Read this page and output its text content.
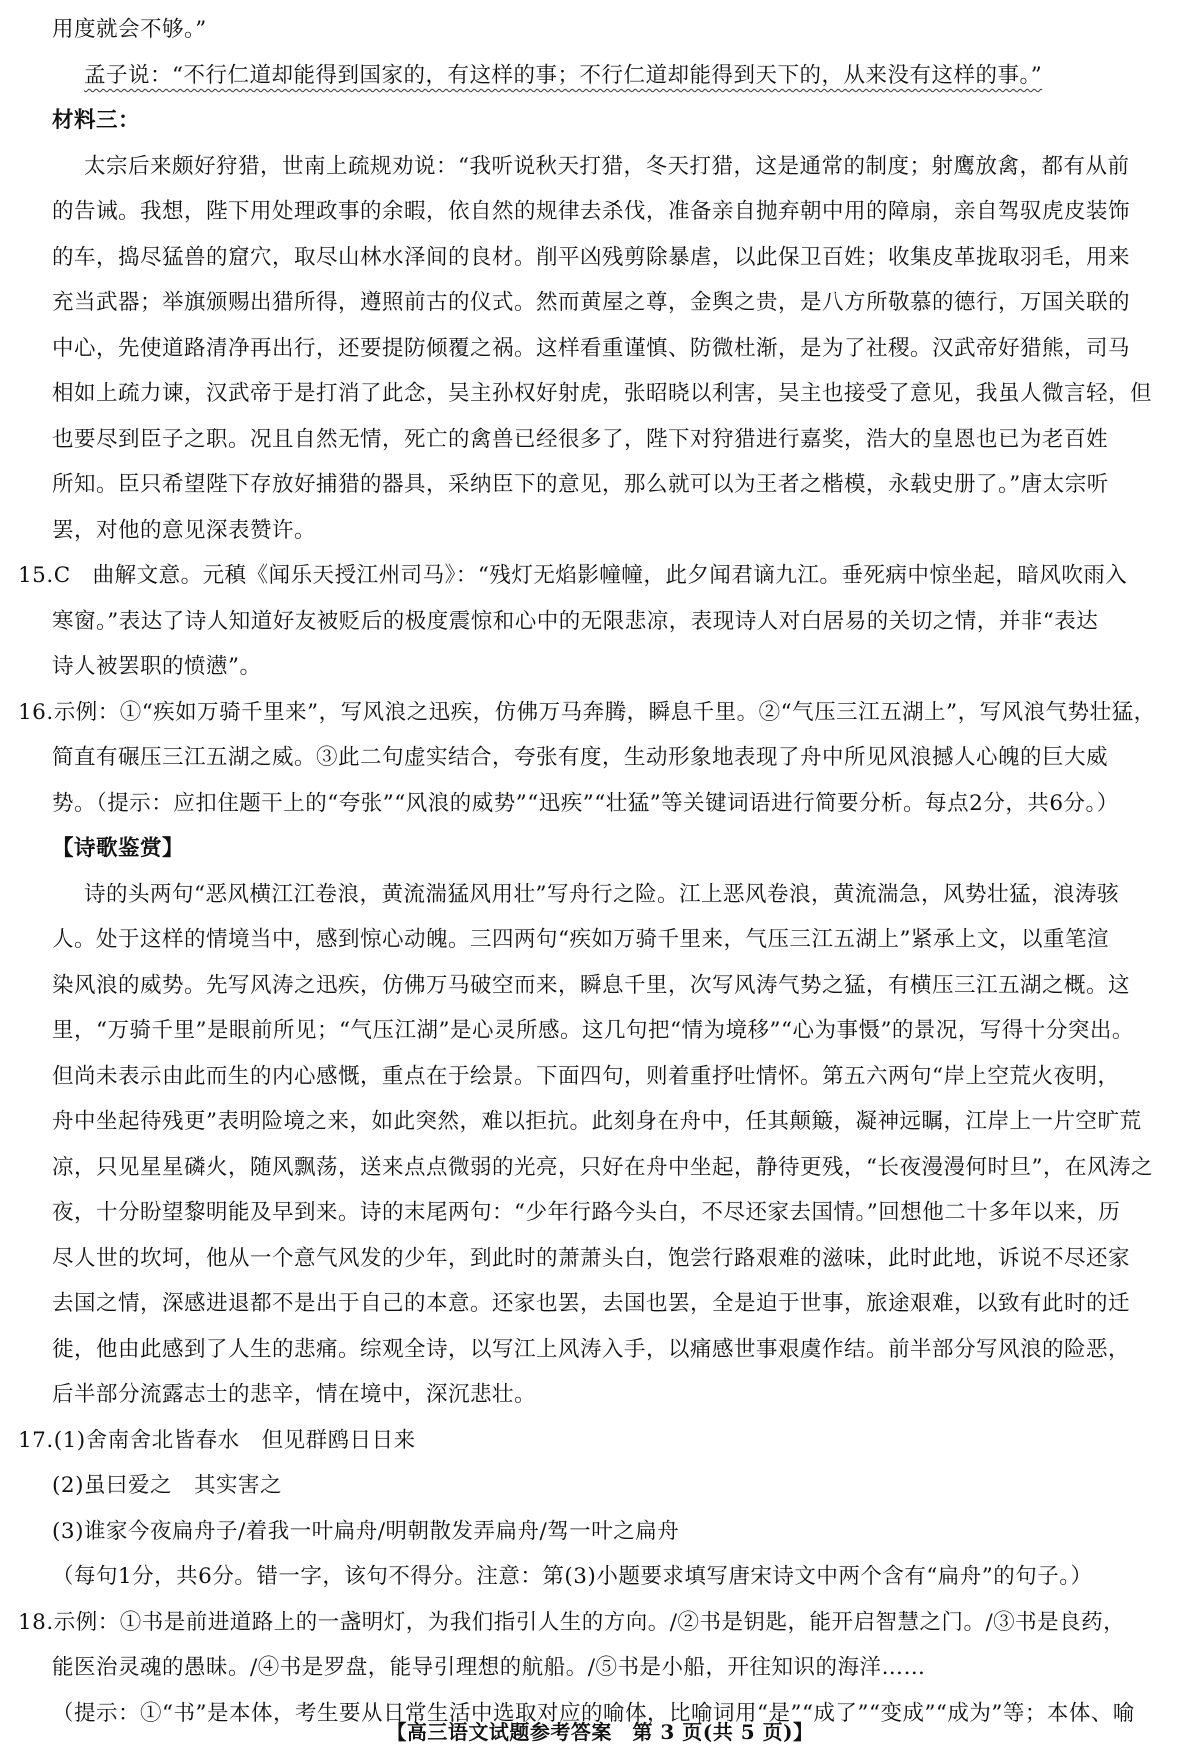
用度就会不够。”
孟子说：“不行仁道却能得到国家的，有这样的事；不行仁道却能得到天下的，从来没有这样的事。”
材料三：
太宗后来颇好狩猎，世南上疏规劝说：“我听说秋天打猎，冬天打猎，这是通常的制度；射鹰放禽，都有从前
的告诫。我想，陛下用处理政事的余暇，依自然的规律去杀伐，准备亲自抛弃朝中用的障扇，亲自驾驭虎皮装饰
的车，捣尽猛兽的窟穴，取尽山林水泽间的良材。削平凶残剪除暴虐，以此保卫百姓；收集皮革拢取羽毛，用来
充当武器；举旗颁赐出猎所得，遵照前古的仪式。然而黄屋之尊，金舆之贵，是八方所敬慕的德行，万国关联的
中心，先使道路清净再出行，还要提防倾覆之祸。这样看重谨慎、防微杜渐，是为了社稷。汉武帝好猎熊，司马
相如上疏力谏，汉武帝于是打消了此念，吴主孙权好射虎，张昭晓以利害，吴主也接受了意见，我虽人微言轻，但
也要尽到臣子之职。况且自然无情，死亡的禽兽已经很多了，陛下对狩猎进行嘉奖，浩大的皇恩也已为老百姓
所知。臣只希望陛下存放好捕猎的器具，采纳臣下的意见，那么就可以为王者之楷模，永载史册了。”唐太宗听
罢，对他的意见深表赞许。
15.C　曲解文意。元稹《闻乐天授江州司马》：“残灯无焰影幢幢，此夕闻君谪九江。垂死病中惊坐起，暗风吹雨入
寒窗。”表达了诗人知道好友被贬后的极度震惊和心中的无限悲凉，表现诗人对白居易的关切之情，并非“表达
诗人被罢职的愤懑”。
16.示例：①“疾如万骑千里来”，写风浪之迅疾，仿佛万马奔腾，瞬息千里。②“气压三江五湖上”，写风浪气势壮猛，
简直有碾压三江五湖之威。③此二句虚实结合，夸张有度，生动形象地表现了舟中所见风浪撼人心魄的巨大威
势。（提示：应扣住题干上的“夸张”“风浪的威势”“迅疾”“壮猛”等关键词语进行简要分析。每点2分，共6分。）
【诗歌鉴赏】
诗的头两句“恶风横江江卷浪，黄流湍猛风用壮”写舟行之险。江上恶风卷浪，黄流湍急，风势壮猛，浪涛骇
人。处于这样的情境当中，感到惊心动魄。三四两句“疾如万骑千里来，气压三江五湖上”紧承上文，以重笔渲
染风浪的威势。先写风涛之迅疾，仿佛万马破空而来，瞬息千里，次写风涛气势之猛，有横压三江五湖之概。这
里，“万骑千里”是眼前所见；“气压江湖”是心灵所感。这几句把“情为境移”“心为事慑”的景况，写得十分突出。
但尚未表示由此而生的内心感慨，重点在于绘景。下面四句，则着重抒吐情怀。第五六两句“岸上空荒火夜明，
舟中坐起待残更”表明险境之来，如此突然，难以拒抗。此刻身在舟中，任其颠簸，凝神远瞩，江岸上一片空旷荒
凉，只见星星磷火，随风飘荡，送来点点微弱的光亮，只好在舟中坐起，静待更残，“长夜漫漫何时旦”，在风涛之
夜，十分盼望黎明能及早到来。诗的末尾两句：“少年行路今头白，不尽还家去国情。”回想他二十多年以来，历
尽人世的坎坷，他从一个意气风发的少年，到此时的萧萧头白，饱尝行路艰难的滋味，此时此地，诉说不尽还家
去国之情，深感进退都不是出于自己的本意。还家也罢，去国也罢，全是迫于世事，旅途艰难，以致有此时的迁
徙，他由此感到了人生的悲痛。综观全诗，以写江上风涛入手，以痛感世事艰虞作结。前半部分写风浪的险恶，
后半部分流露志士的悲辛，情在境中，深沉悲壮。
17.(1)舍南舍北皆春水　但见群鸥日日来
(2)虽曰爱之　其实害之
(3)谁家今夜扁舟子/着我一叶扁舟/明朝散发弄扁舟/驾一叶之扁舟
（每句1分，共6分。错一字，该句不得分。注意：第(3)小题要求填写唐宋诗文中两个含有“扁舟”的句子。）
18.示例：①书是前进道路上的一盏明灯，为我们指引人生的方向。/②书是钥匙，能开启智慧之门。/③书是良药，
能医治灵魂的愚昧。/④书是罗盘，能导引理想的航船。/⑤书是小船，开往知识的海洋……
（提示：①“书”是本体，考生要从日常生活中选取对应的喻体，比喻词用“是”“成了”“变成”“成为”等；本体、喻
【高三语文试题参考答案　第 3 页(共 5 页)】
